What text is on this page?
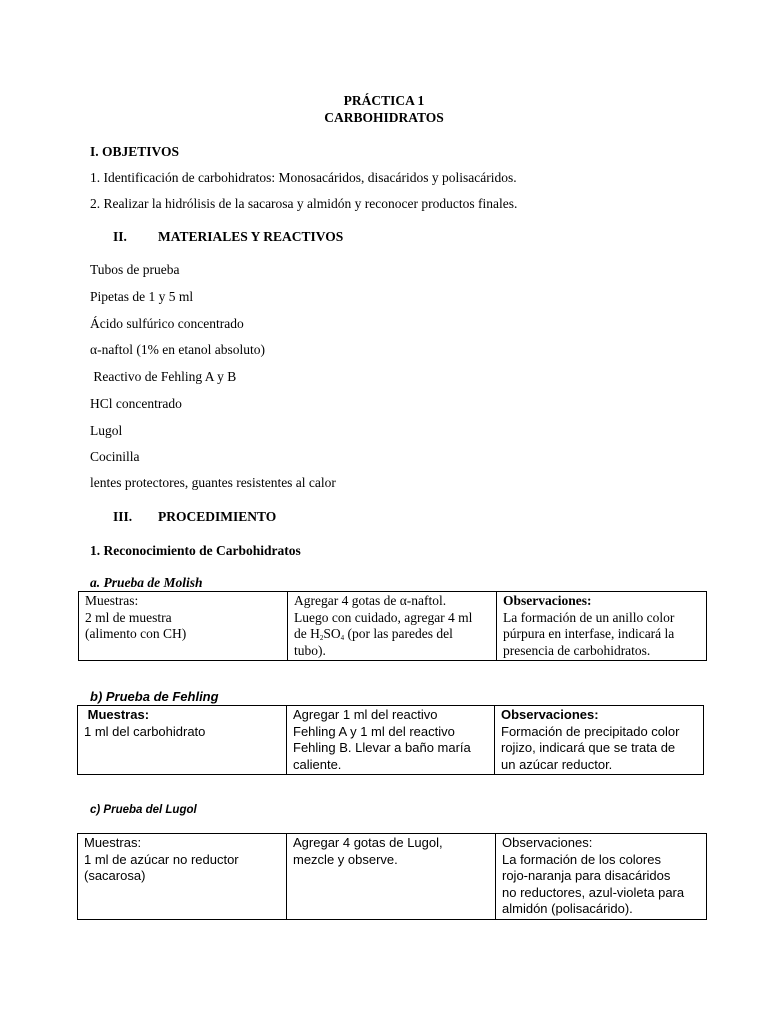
PRÁCTICA 1
CARBOHIDRATOS
I. OBJETIVOS
1. Identificación de carbohidratos: Monosacáridos, disacáridos y polisacáridos.
2. Realizar la hidrólisis de la sacarosa y almidón y reconocer productos finales.
II. MATERIALES Y REACTIVOS
Tubos de prueba
Pipetas de 1 y 5 ml
Ácido sulfúrico concentrado
α-naftol (1% en etanol absoluto)
Reactivo de Fehling A y B
HCl concentrado
Lugol
Cocinilla
lentes protectores, guantes resistentes al calor
III. PROCEDIMIENTO
1. Reconocimiento de Carbohidratos
a. Prueba de Molish
Muestras:
2 ml de muestra
(alimento con CH)

Agregar 4 gotas de α-naftol.
Luego con cuidado, agregar 4 ml
de $H_2SO_4$ (por las paredes del
tubo).

Observaciones:
La formación de un anillo color
púrpura en interfase, indicará la
presencia de carbohidratos.
b) Prueba de Fehling
Muestras:
1 ml del carbohidrato

Agregar 1 ml del reactivo
Fehling A y 1 ml del reactivo
Fehling B. Llevar a baño maría
caliente.

Observaciones:
Formación de precipitado color
rojizo, indicará que se trata de
un azúcar reductor.
c) Prueba del Lugol
Muestras:
1 ml de azúcar no reductor
(sacarosa)

Agregar 4 gotas de Lugol,
mezcle y observe.

Observaciones:
La formación de los colores
rojo-naranja para disacáridos
no reductores, azul-violeta para
almidón (polisacárido).
